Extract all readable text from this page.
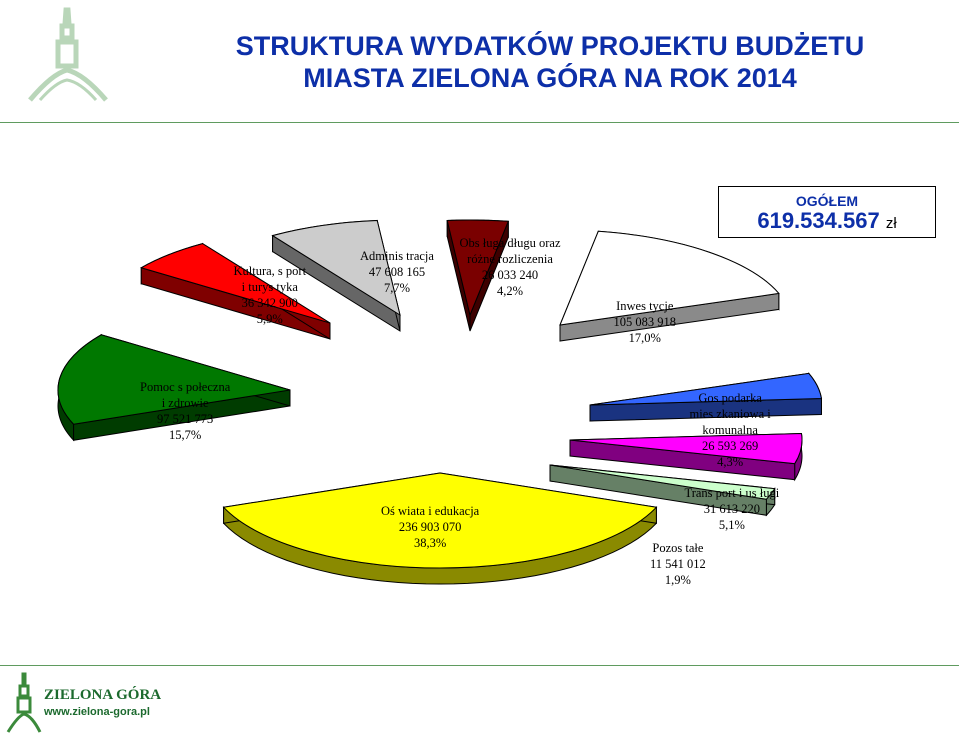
STRUKTURA WYDATKÓW PROJEKTU BUDŻETU
MIASTA ZIELONA GÓRA NA ROK 2014
OGÓŁEM
619.534.567 zł
Oś wiata i edukacja
236 903 070
38,3%
Pomoc s połeczna
i zdrowie
97 521 773
15,7%
Kultura, s port
i turys tyka
36 342 900
5,9%
Adminis tracja
47 608 165
7,7%
Obs ługa długu oraz
różne rozliczenia
26 033 240
4,2%
Inwes tycje
105 083 918
17,0%
Gos podarka
mies zkaniowa i
komunalna
26 593 269
4,3%
Trans port i us ługi
31 613 220
5,1%
Pozos tałe
11 541 012
1,9%
ZIELONA GÓRA
www.zielona-gora.pl
